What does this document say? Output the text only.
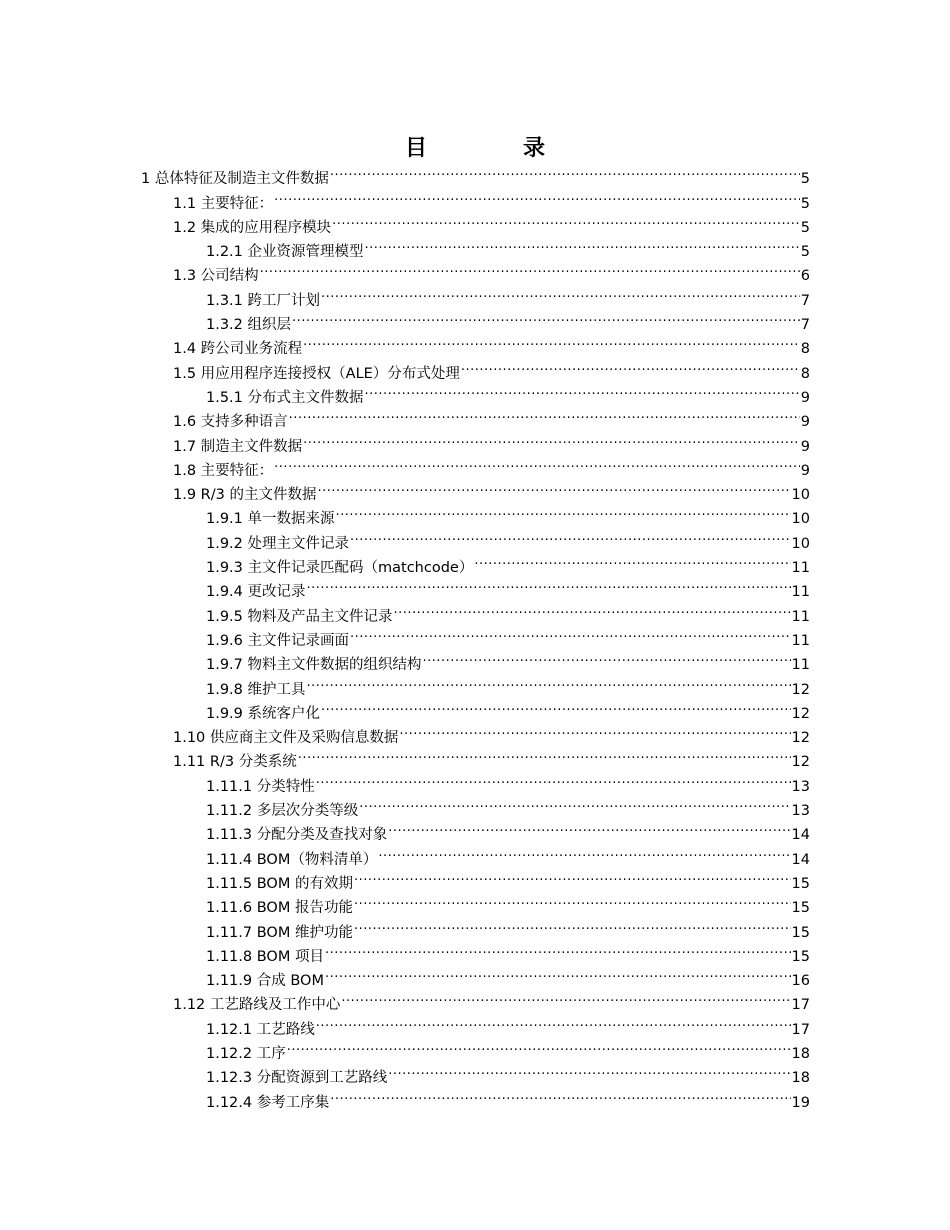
目	录
1 总体特征及制造主文件数据 .....	5
1.1 主要特征： .....	5
1.2 集成的应用程序模块 .....	5
1.2.1 企业资源管理模型 .....	5
1.3 公司结构 .....	6
1.3.1 跨工厂计划 .....	7
1.3.2 组织层 .....	7
1.4 跨公司业务流程 .....	8
1.5 用应用程序连接授权（ALE）分布式处理 .....	8
1.5.1 分布式主文件数据 .....	9
1.6 支持多种语言 .....	9
1.7 制造主文件数据 .....	9
1.8 主要特征： .....	9
1.9 R/3 的主文件数据 .....	10
1.9.1 单一数据来源 .....	10
1.9.2 处理主文件记录 .....	10
1.9.3 主文件记录匹配码（matchcode） .....	11
1.9.4 更改记录 .....	11
1.9.5 物料及产品主文件记录 .....	11
1.9.6 主文件记录画面 .....	11
1.9.7 物料主文件数据的组织结构 .....	11
1.9.8 维护工具 .....	12
1.9.9 系统客户化 .....	12
1.10 供应商主文件及采购信息数据 .....	12
1.11 R/3 分类系统 .....	12
1.11.1 分类特性 .....	13
1.11.2 多层次分类等级 .....	13
1.11.3 分配分类及查找对象 .....	14
1.11.4 BOM（物料清单） .....	14
1.11.5 BOM 的有效期 .....	15
1.11.6 BOM 报告功能 .....	15
1.11.7 BOM 维护功能 .....	15
1.11.8 BOM 项目 .....	15
1.11.9 合成 BOM .....	16
1.12 工艺路线及工作中心 .....	17
1.12.1 工艺路线 .....	17
1.12.2 工序 .....	18
1.12.3 分配资源到工艺路线 .....	18
1.12.4 参考工序集 .....	19
